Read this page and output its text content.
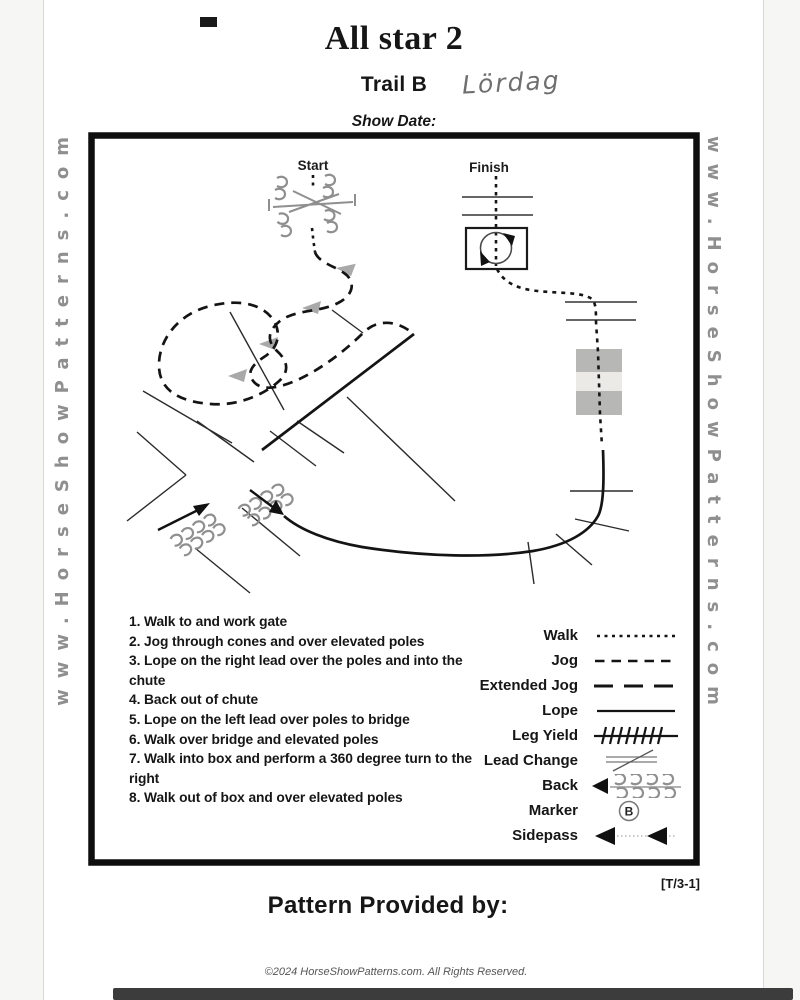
All star 2
Trail B	Lördag
Show Date:
www.HorseShowPatterns.com	www.HorseShowPatterns.com
Start	Finish

1. Walk to and work gate

2. Jog through cones and over elevated poles

3. Lope on the right lead over the poles and into the chute

4. Back out of chute

5. Lope on the left lead over poles to bridge

6. Walk over bridge and elevated poles

7. Walk into box and perform a 360 degree turn to the right

8. Walk out of box and over elevated poles

Walk
Jog
Extended Jog
Lope
Leg Yield
Lead Change
Back
Marker	B
Sidepass
[T/3-1]
Pattern Provided by:
©2024 HorseShowPatterns.com. All Rights Reserved.
